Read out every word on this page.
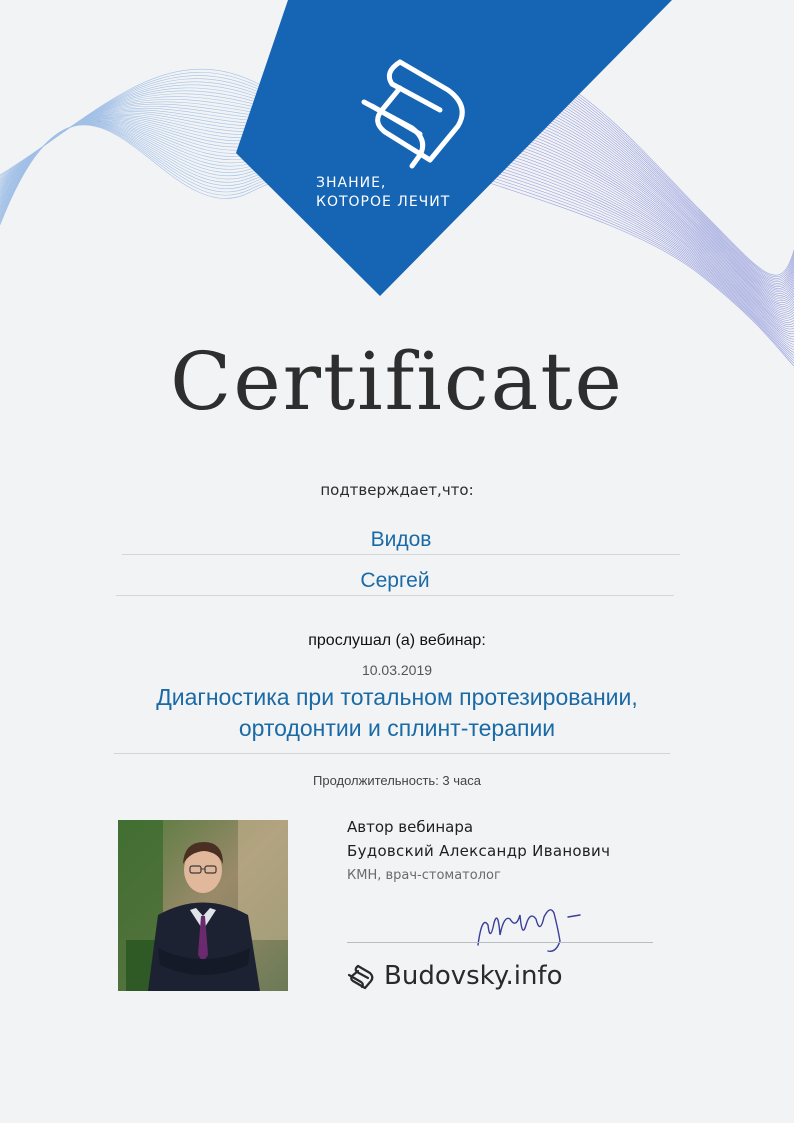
ЗНАНИЕ,
КОТОРОЕ ЛЕЧИТ
Certificate
подтверждает,что:
Видов
Сергей
прослушал (а) вебинар:
10.03.2019
Диагностика при тотальном протезировании,
ортодонтии и сплинт-терапии
Продолжительность: 3 часа
Автор вебинара
Будовский Александр Иванович
КМН, врач-стоматолог
Budovsky.info
